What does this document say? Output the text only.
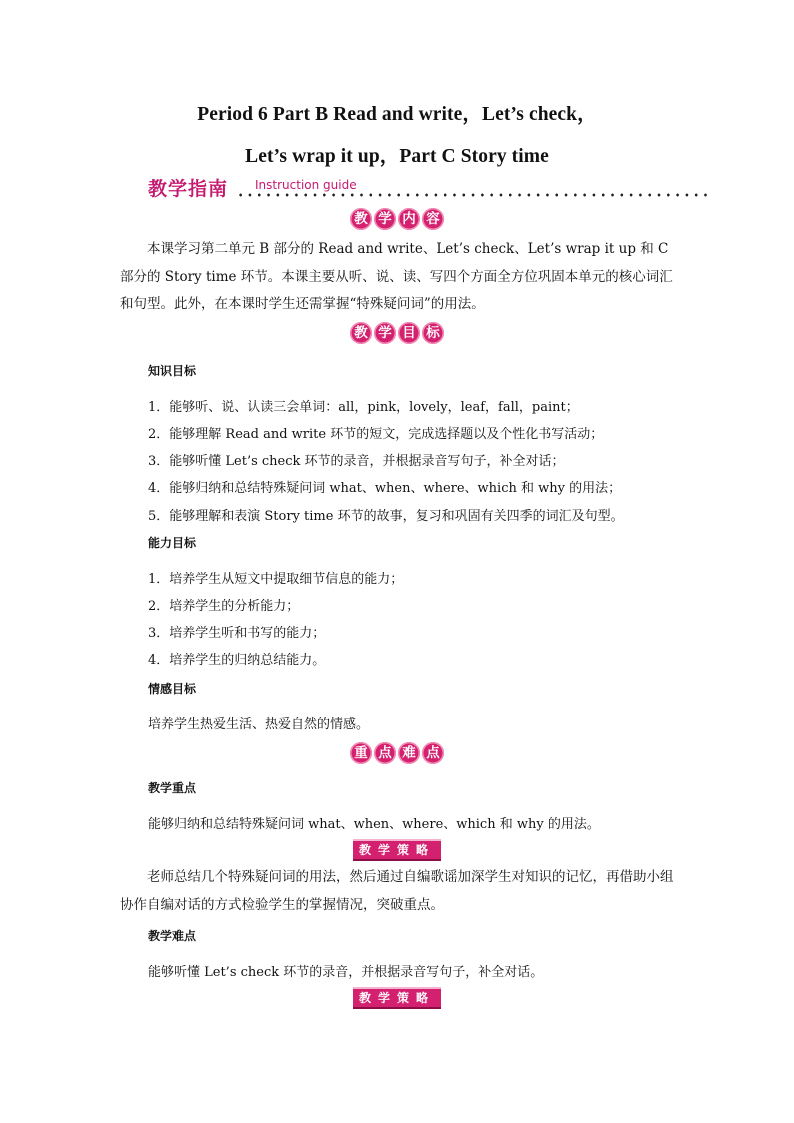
Period 6 Part B Read and write，Let’s check，
Let’s wrap it up，Part C Story time
教学指南 Instruction guide
教 学 内 容

本课学习第二单元 B 部分的 Read and write、Let’s check、Let’s wrap it up 和 C 部分的 Story time 环节。本课主要从听、说、读、写四个方面全方位巩固本单元的核心词汇和句型。此外，在本课时学生还需掌握“特殊疑问词”的用法。

教 学 目 标
知识目标
1．能够听、说、认读三会单词：all，pink，lovely，leaf，fall，paint；
2．能够理解 Read and write 环节的短文，完成选择题以及个性化书写活动；
3．能够听懂 Let’s check 环节的录音，并根据录音写句子，补全对话；
4．能够归纳和总结特殊疑问词 what、when、where、which 和 why 的用法；
5．能够理解和表演 Story time 环节的故事，复习和巩固有关四季的词汇及句型。
能力目标
1．培养学生从短文中提取细节信息的能力；
2．培养学生的分析能力；
3．培养学生听和书写的能力；
4．培养学生的归纳总结能力。
情感目标
培养学生热爱生活、热爱自然的情感。
重 点 难 点
教学重点
能够归纳和总结特殊疑问词 what、when、where、which 和 why 的用法。
教学策略

老师总结几个特殊疑问词的用法，然后通过自编歌谣加深学生对知识的记忆，再借助小组协作自编对话的方式检验学生的掌握情况，突破重点。

教学难点
能够听懂 Let’s check 环节的录音，并根据录音写句子，补全对话。
教学策略
